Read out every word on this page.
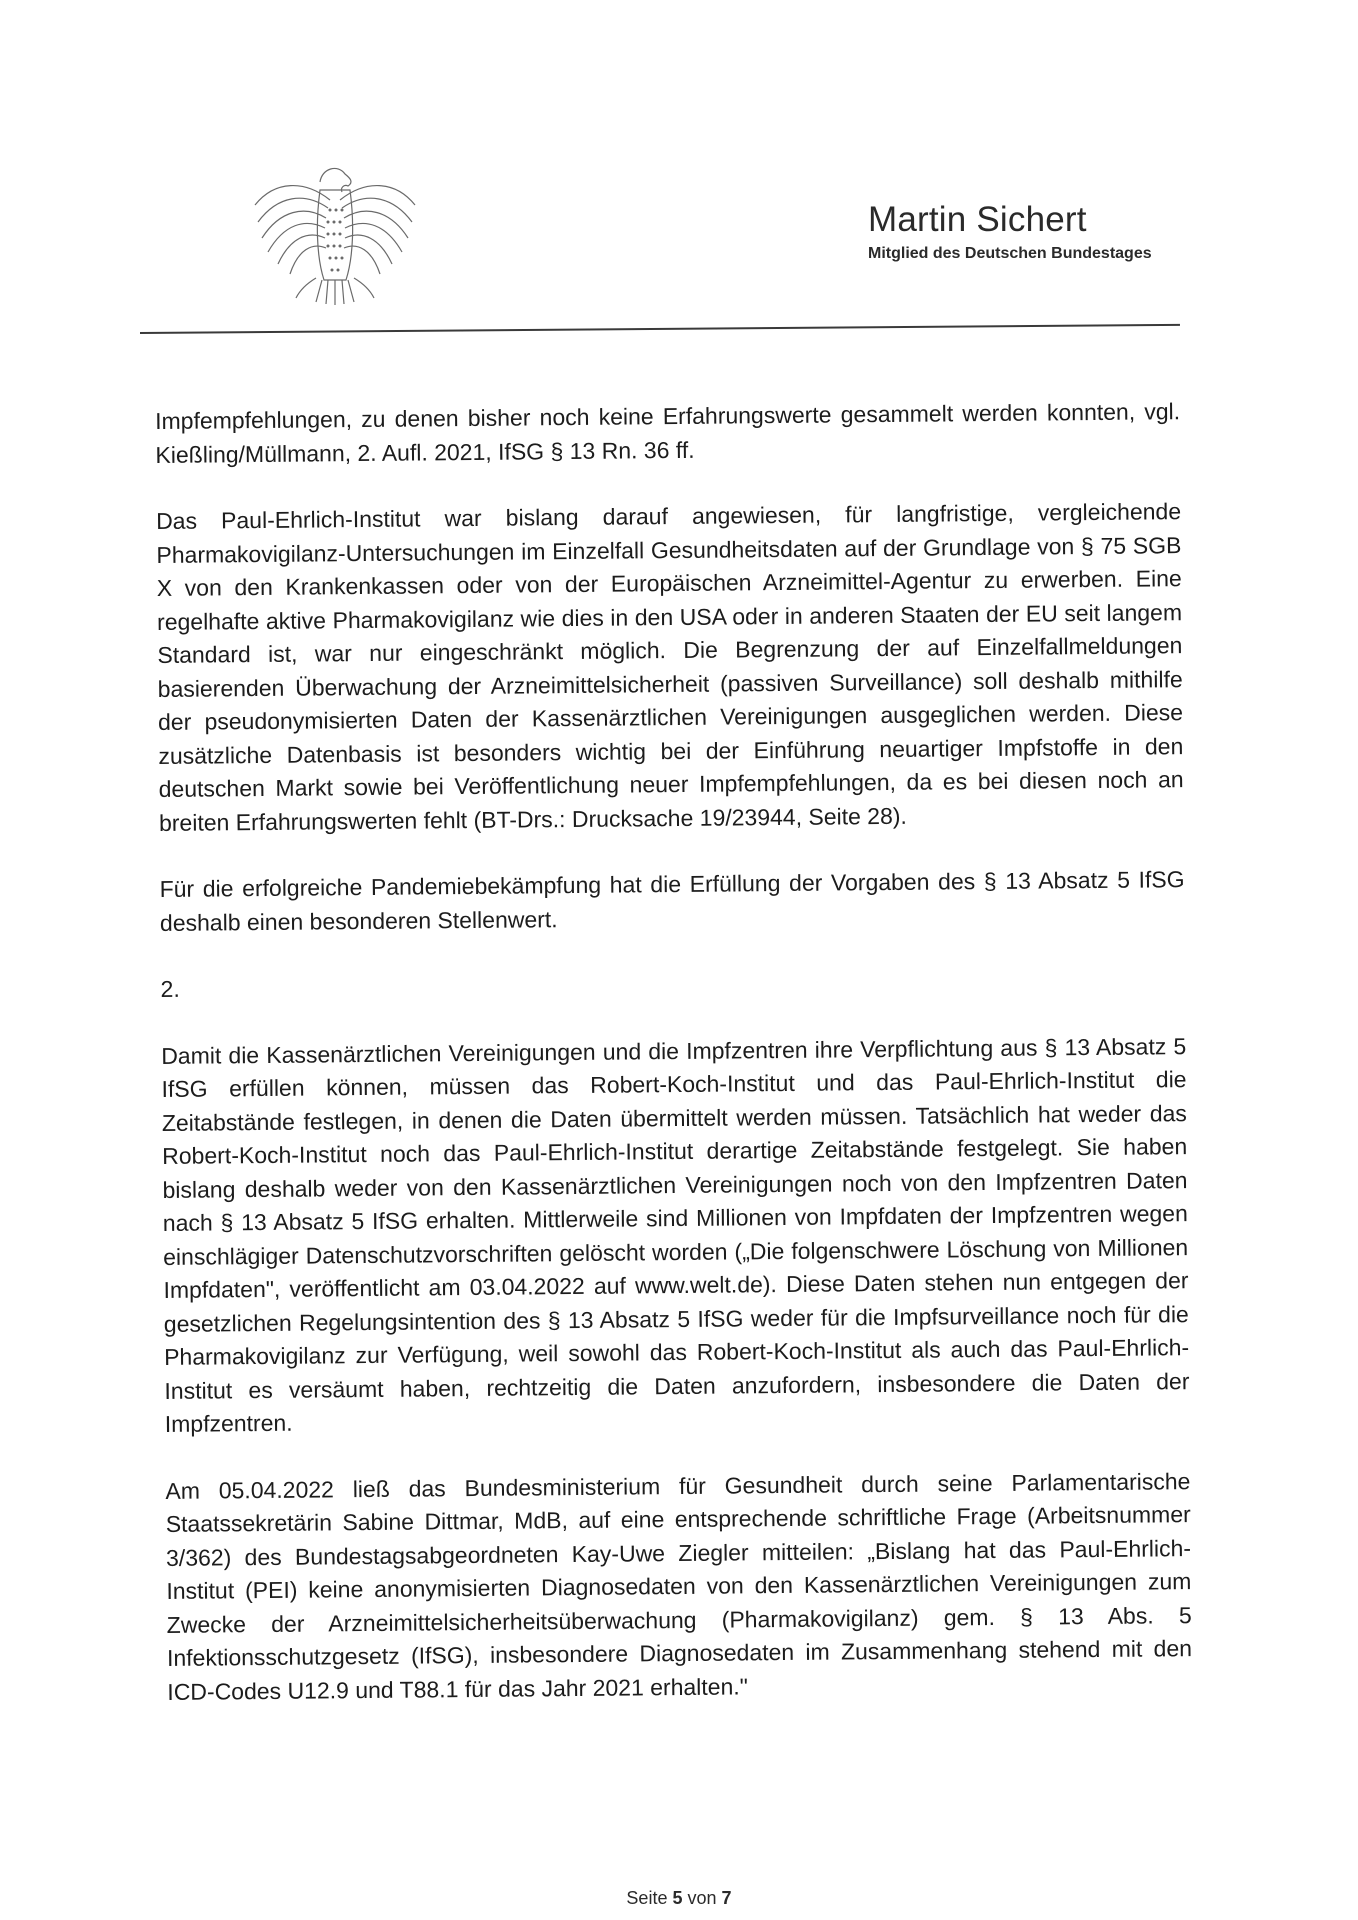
Martin Sichert
Mitglied des Deutschen Bundestages

Impfempfehlungen, zu denen bisher noch keine Erfahrungswerte gesammelt werden konnten, vgl. Kießling/Müllmann, 2. Aufl. 2021, IfSG § 13 Rn. 36 ff.

Das Paul-Ehrlich-Institut war bislang darauf angewiesen, für langfristige, vergleichende Pharmakovigilanz-Untersuchungen im Einzelfall Gesundheitsdaten auf der Grundlage von § 75 SGB X von den Krankenkassen oder von der Europäischen Arzneimittel-Agentur zu erwerben. Eine regelhafte aktive Pharmakovigilanz wie dies in den USA oder in anderen Staaten der EU seit langem Standard ist, war nur eingeschränkt möglich. Die Begrenzung der auf Einzelfallmeldungen basierenden Überwachung der Arzneimittelsicherheit (passiven Surveillance) soll deshalb mithilfe der pseudonymisierten Daten der Kassenärztlichen Vereinigungen ausgeglichen werden. Diese zusätzliche Datenbasis ist besonders wichtig bei der Einführung neuartiger Impfstoffe in den deutschen Markt sowie bei Veröffentlichung neuer Impfempfehlungen, da es bei diesen noch an breiten Erfahrungswerten fehlt (BT-Drs.: Drucksache 19/23944, Seite 28).

Für die erfolgreiche Pandemiebekämpfung hat die Erfüllung der Vorgaben des § 13 Absatz 5 IfSG deshalb einen besonderen Stellenwert.

2.

Damit die Kassenärztlichen Vereinigungen und die Impfzentren ihre Verpflichtung aus § 13 Absatz 5 IfSG erfüllen können, müssen das Robert-Koch-Institut und das Paul-Ehrlich-Institut die Zeitabstände festlegen, in denen die Daten übermittelt werden müssen. Tatsächlich hat weder das Robert-Koch-Institut noch das Paul-Ehrlich-Institut derartige Zeitabstände festgelegt. Sie haben bislang deshalb weder von den Kassenärztlichen Vereinigungen noch von den Impfzentren Daten nach § 13 Absatz 5 IfSG erhalten. Mittlerweile sind Millionen von Impfdaten der Impfzentren wegen einschlägiger Datenschutzvorschriften gelöscht worden („Die folgenschwere Löschung von Millionen Impfdaten", veröffentlicht am 03.04.2022 auf www.welt.de). Diese Daten stehen nun entgegen der gesetzlichen Regelungsintention des § 13 Absatz 5 IfSG weder für die Impfsurveillance noch für die Pharmakovigilanz zur Verfügung, weil sowohl das Robert-Koch-Institut als auch das Paul-Ehrlich-Institut es versäumt haben, rechtzeitig die Daten anzufordern, insbesondere die Daten der Impfzentren.

Am 05.04.2022 ließ das Bundesministerium für Gesundheit durch seine Parlamentarische Staatssekretärin Sabine Dittmar, MdB, auf eine entsprechende schriftliche Frage (Arbeitsnummer 3/362) des Bundestagsabgeordneten Kay-Uwe Ziegler mitteilen: „Bislang hat das Paul-Ehrlich-Institut (PEI) keine anonymisierten Diagnosedaten von den Kassenärztlichen Vereinigungen zum Zwecke der Arzneimittelsicherheitsüberwachung (Pharmakovigilanz) gem. § 13 Abs. 5 Infektionsschutzgesetz (IfSG), insbesondere Diagnosedaten im Zusammenhang stehend mit den ICD-Codes U12.9 und T88.1 für das Jahr 2021 erhalten."

Seite 5 von 7
